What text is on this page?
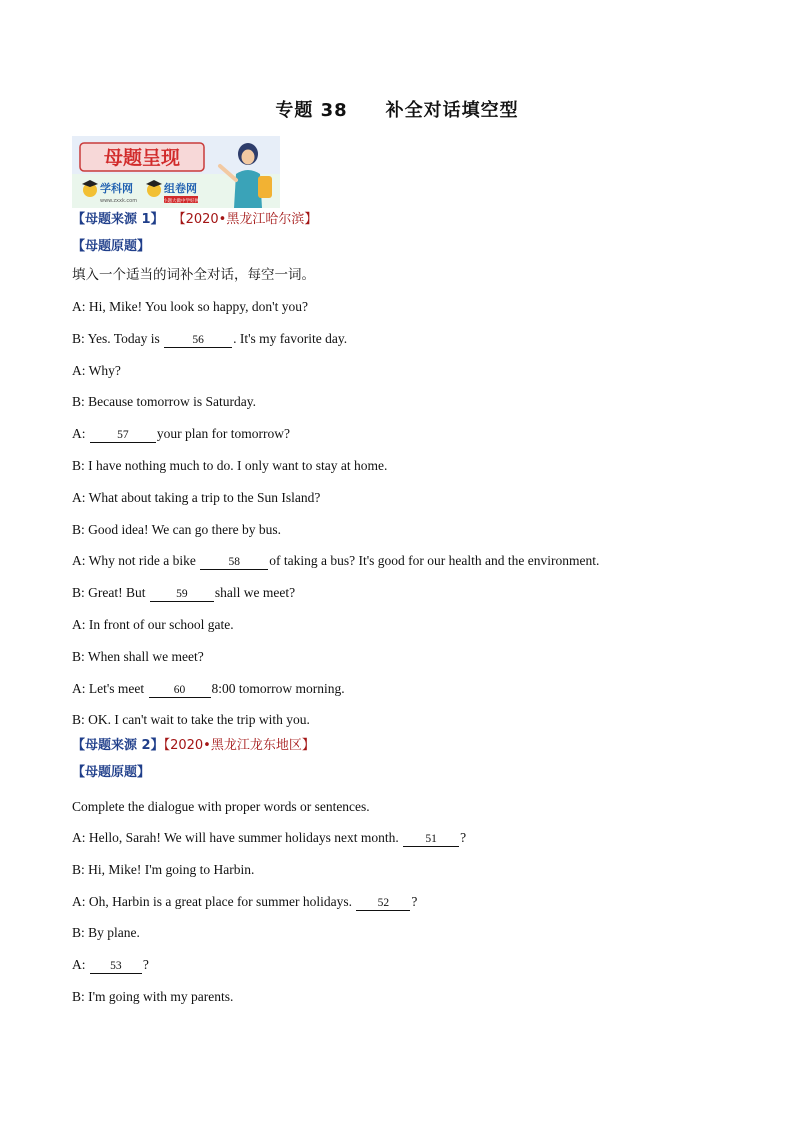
专题 38 补全对话填空型
母题呈现
学科网
www.zxxk.com
组卷网
小题大做中学好网
【母题来源 1】 【2020•黑龙江哈尔滨】
【母题原题】
填入一个适当的词补全对话，每空一词。
A: Hi, Mike! You look so happy, don't you?
B: Yes. Today is	56 . It's my favorite day.
A: Why?
B: Because tomorrow is Saturday.
A: 57 your plan for tomorrow?
B: I have nothing much to do. I only want to stay at home.
A: What about taking a trip to the Sun Island?
B: Good idea! We can go there by bus.
A: Why not ride a bike	58 of taking a bus? It's good for our health and the environment.
B: Great! But 59 shall we meet?
A: In front of our school gate.
B: When shall we meet?
A: Let's meet 60 8:00 tomorrow morning.
B: OK. I can't wait to take the trip with you.
【母题来源 2】【2020•黑龙江龙东地区】
【母题原题】
Complete the dialogue with proper words or sentences.
A: Hello, Sarah! We will have summer holidays next month. 51 ?
B: Hi, Mike! I'm going to Harbin.
A: Oh, Harbin is a great place for summer holidays. 52 ?
B: By plane.
A: 53 ?
B: I'm going with my parents.
